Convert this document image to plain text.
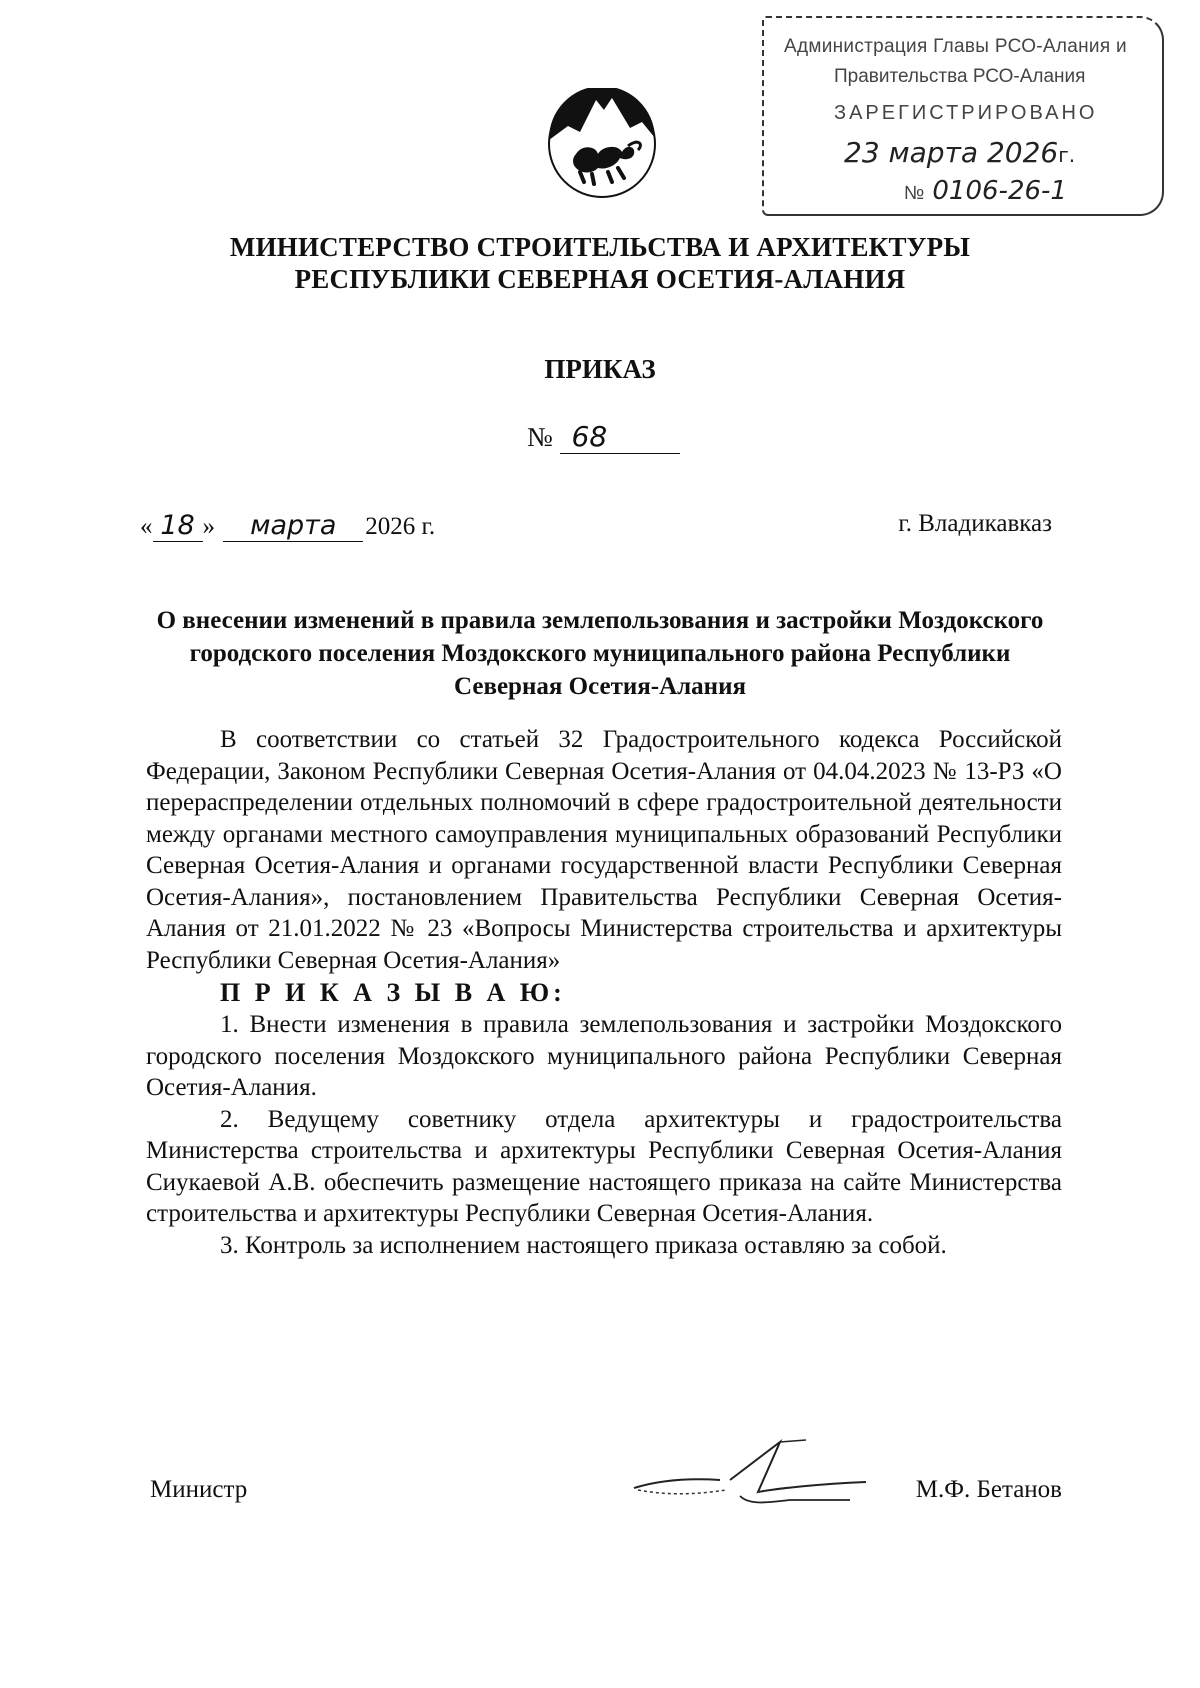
Администрация Главы РСО-Алания и
Правительства РСО-Алания
ЗАРЕГИСТРИРОВАНО
23 марта 2026г.
№ 0106-26-1
МИНИСТЕРСТВО СТРОИТЕЛЬСТВА И АРХИТЕКТУРЫ
РЕСПУБЛИКИ СЕВЕРНАЯ ОСЕТИЯ-АЛАНИЯ
ПРИКАЗ
№ 68
« 18 » марта 2026 г.	г. Владикавказ
О внесении изменений в правила землепользования и застройки Моздокского городского поселения Моздокского муниципального района Республики Северная Осетия-Алания

В соответствии со статьей 32 Градостроительного кодекса Российской Федерации, Законом Республики Северная Осетия-Алания от 04.04.2023 № 13-РЗ «О перераспределении отдельных полномочий в сфере градостроительной деятельности между органами местного самоуправления муниципальных образований Республики Северная Осетия-Алания и органами государственной власти Республики Северная Осетия-Алания», постановлением Правительства Республики Северная Осетия-Алания от 21.01.2022 № 23 «Вопросы Министерства строительства и архитектуры Республики Северная Осетия-Алания»

П Р И К А З Ы В А Ю:

1. Внести изменения в правила землепользования и застройки Моздокского городского поселения Моздокского муниципального района Республики Северная Осетия-Алания.

2. Ведущему советнику отдела архитектуры и градостроительства Министерства строительства и архитектуры Республики Северная Осетия-Алания Сиукаевой А.В. обеспечить размещение настоящего приказа на сайте Министерства строительства и архитектуры Республики Северная Осетия-Алания.

3. Контроль за исполнением настоящего приказа оставляю за собой.

Министр	М.Ф. Бетанов
